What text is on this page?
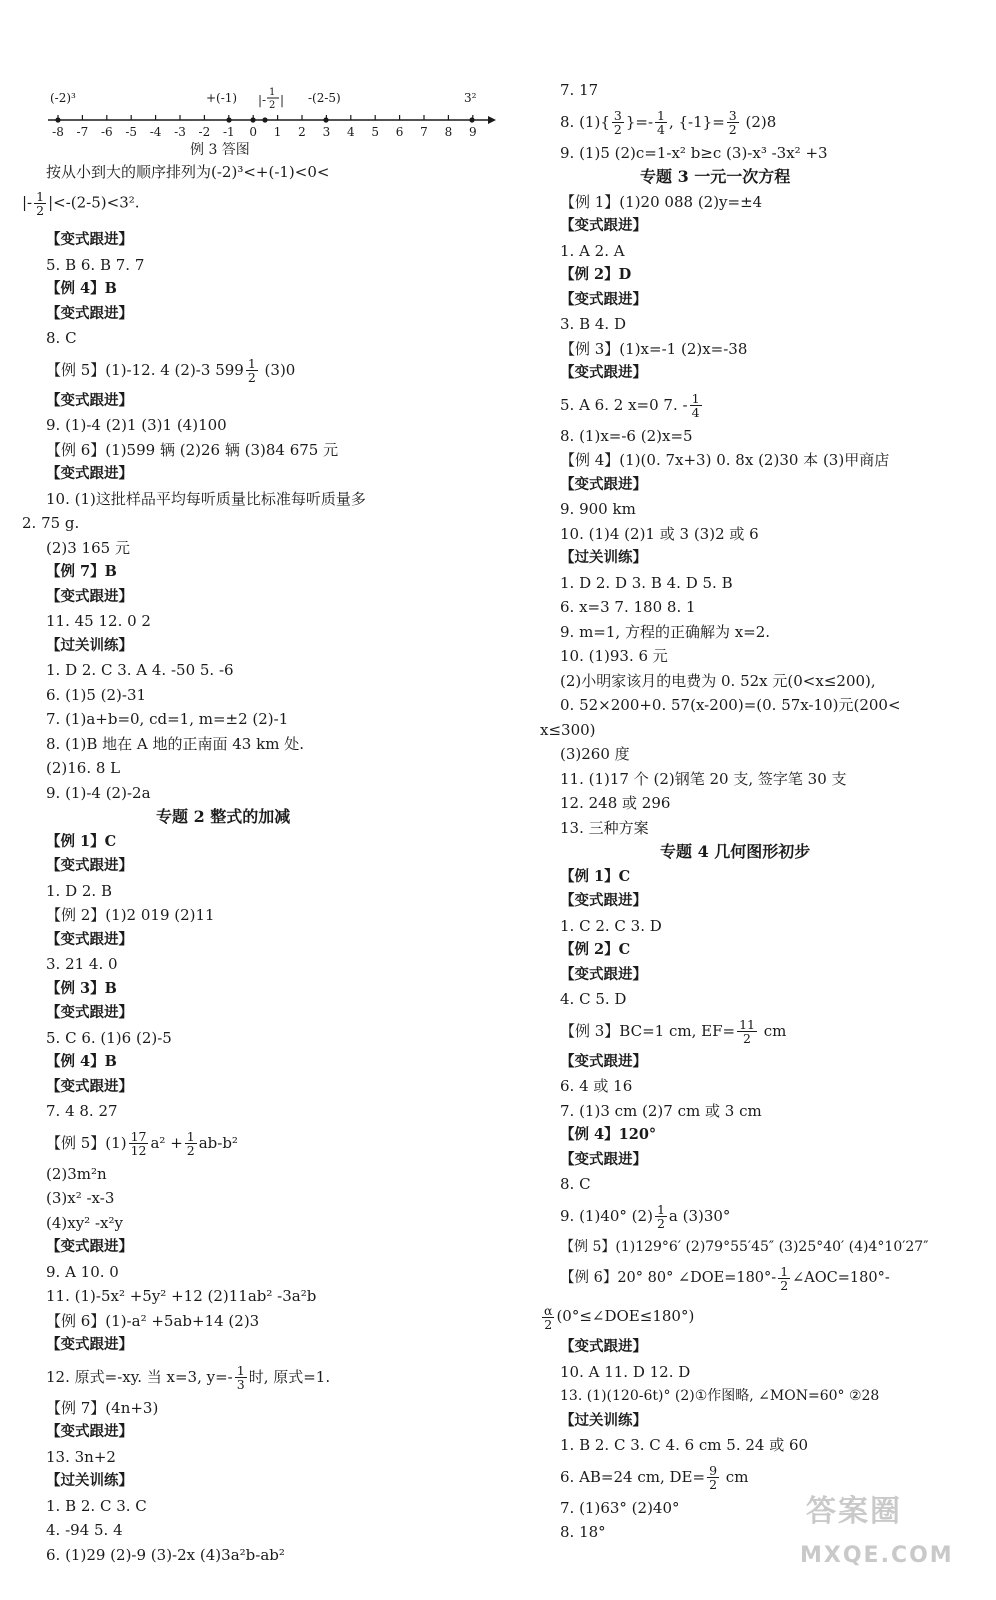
(-2)³	+(-1) |-
1
2 | -(2-5)	3²
-8 -7 -6 -5 -4 -3 -2 -1 0 1 2 3 4 5 6 7 8 9
例 3 答图
按从小到大的顺序排列为(-2)³<+(-1)<0<
|- $\frac{1}{2} |<-(2-5)<3^2$.
【变式跟进】
5. B 6. B 7. 7
【例 4】B
【变式跟进】
8. C
【例 5】(1)-12. 4 (2)-3 $599 \frac{1}{2} (3)0$
【变式跟进】
9. (1)-4 (2)1 (3)1 (4)100
【例 6】(1)599 辆 (2)26 辆 (3)84 675 元
【变式跟进】
10. (1)这批样品平均每听质量比标准每听质量多
2. 75 g.
(2)3 165 元
【例 7】B
【变式跟进】
11. 45 12. 0 2
【过关训练】
1. D 2. C 3. A 4. -50 5. -6
6. (1)5 (2)-31
7. (1)a+b=0, cd=1, m=±2 (2)-1
8. (1)B 地在 A 地的正南面 43 km 处.
(2)16. 8 L
9. (1)-4 (2)-2a
专题 2 整式的加减
【例 1】C
【变式跟进】
1. D 2. B
【例 2】(1)2 019 (2)11
【变式跟进】
3. 21 4. 0
【例 3】B
【变式跟进】
5. C 6. (1)6 (2)-5
【例 4】B
【变式跟进】
7. 4 8. 27
【例 5】$(1) \frac{17}{12} a^2 + \frac{1}{2} ab-b^2$
(2)3m²n
(3)x² -x-3
(4)xy² -x²y
【变式跟进】
9. A 10. 0
11. (1)-5x² +5y² +12 (2)11ab² -3a²b
【例 6】(1)-a² +5ab+14 (2)3
【变式跟进】
12. 原式=-xy. 当 x=3, $y=- \frac{1}{3}$ 时, 原式=1.
【例 7】(4n+3)
【变式跟进】
13. 3n+2
【过关训练】
1. B 2. C 3. C
4. -94 5. 4
6. (1)29 (2)-9 (3)-2x (4)3a²b-ab²
7. 17
8. $(1)\{ \frac{3}{2}$ }=- $\frac{1}{4}$ , $\{-1\}= \frac{3}{2} (2)8$
9. (1)5 (2)c=1-x² b≥c (3)-x³ -3x² +3
专题 3 一元一次方程
【例 1】(1)20 088 (2)y=±4
【变式跟进】
1. A 2. A
【例 2】D
【变式跟进】
3. B 4. D
【例 3】(1)x=-1 (2)x=-38
【变式跟进】
5. A 6. 2 x=0 7. - $\frac{1}{4}$
8. (1)x=-6 (2)x=5
【例 4】(1)(0. 7x+3) 0. 8x (2)30 本 (3)甲商店
【变式跟进】
9. 900 km
10. (1)4 (2)1 或 3 (3)2 或 6
【过关训练】
1. D 2. D 3. B 4. D 5. B
6. x=3 7. 180 8. 1
9. m=1, 方程的正确解为 x=2.
10. (1)93. 6 元
(2)小明家该月的电费为 0. 52x 元(0<x≤200),
0. 52×200+0. 57(x-200)=(0. 57x-10)元(200<
x≤300)
(3)260 度
11. (1)17 个 (2)钢笔 20 支, 签字笔 30 支
12. 248 或 296
13. 三种方案
专题 4 几何图形初步
【例 1】C
【变式跟进】
1. C 2. C 3. D
【例 2】C
【变式跟进】
4. C 5. D
【例 3】BC=1 cm, $EF= \frac{11}{2}$ cm
【变式跟进】
6. 4 或 16
7. (1)3 cm (2)7 cm 或 3 cm
【例 4】120°
【变式跟进】
8. C
9. (1)40° $(2) \frac{1}{2}$ a (3)30°
【例 5】(1)129°6′ (2)79°55′45″ (3)25°40′ (4)4°10′27″
【例 6】20° 80° ∠DOE=180°- $\frac{1}{2}$ ∠AOC=180°-
$\frac{\alpha}{2}$ (0°≤∠DOE≤180°)
【变式跟进】
10. A 11. D 12. D
13. (1)(120-6t)° (2)①作图略, ∠MON=60° ②28
【过关训练】
1. B 2. C 3. C 4. 6 cm 5. 24 或 60
6. AB=24 cm, $DE= \frac{9}{2}$ cm
7. (1)63° (2)40°
8. 18°
答案圈
MXQE.COM
